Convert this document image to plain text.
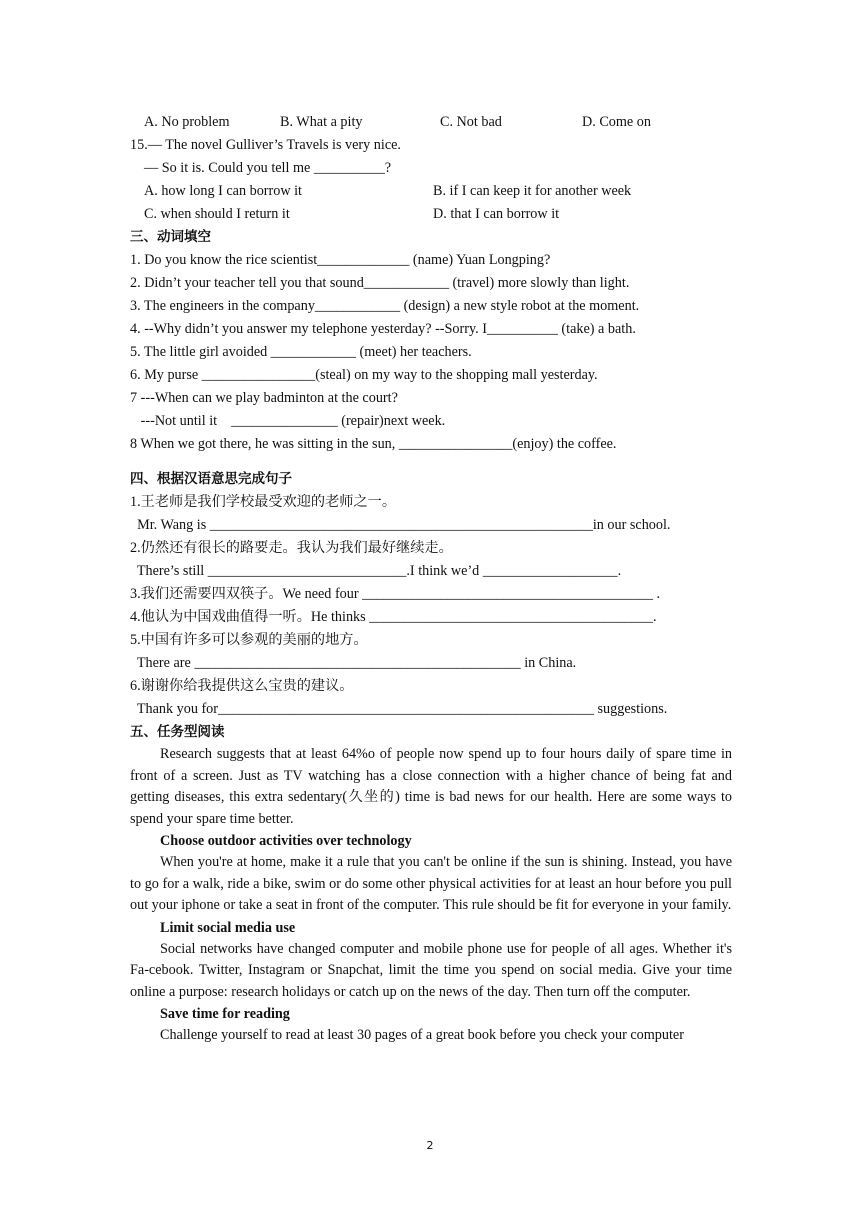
A. No problem	B. What a pity	C. Not bad	D. Come on
15.— The novel Gulliver’s Travels is very nice.
— So it is. Could you tell me __________?
A. how long I can borrow it	B. if I can keep it for another week
C. when should I return it	D. that I can borrow it
三、动词填空
1. Do you know the rice scientist_____________ (name) Yuan Longping?
2. Didn’t your teacher tell you that sound____________ (travel) more slowly than light.
3. The engineers in the company____________ (design) a new style robot at the moment.
4. --Why didn’t you answer my telephone yesterday? --Sorry. I__________ (take) a bath.
5. The little girl avoided ____________ (meet) her teachers.
6. My purse ________________(steal) on my way to the shopping mall yesterday.
7 ---When can we play badminton at the court?
---Not until it    _______________ (repair)next week.
8 When we got there, he was sitting in the sun, ________________(enjoy) the coffee.
四、根据汉语意思完成句子
1.王老师是我们学校最受欢迎的老师之一。
Mr. Wang is ______________________________________________________in our school.
2.仍然还有很长的路要走。我认为我们最好继续走。
There’s still ____________________________.I think we’d ___________________.
3.我们还需要四双筷子。We need four _________________________________________ .
4.他认为中国戏曲值得一听。He thinks ________________________________________.
5.中国有许多可以参观的美丽的地方。
There are ______________________________________________ in China.
6.谢谢你给我提供这么宝贵的建议。
Thank you for_____________________________________________________ suggestions.
五、任务型阅读

Research suggests that at least 64%o of people now spend up to four hours daily of spare time in front of a screen. Just as TV watching has a close connection with a higher chance of being fat and getting diseases, this extra sedentary(久坐的) time is bad news for our health. Here are some ways to spend your spare time better.

Choose outdoor activities over technology

When you're at home, make it a rule that you can't be online if the sun is shining. Instead, you have to go for a walk, ride a bike, swim or do some other physical activities for at least an hour before you pull out your iphone or take a seat in front of the computer. This rule should be fit for everyone in your family.

Limit social media use

Social networks have changed computer and mobile phone use for people of all ages. Whether it's Fa-cebook. Twitter, Instagram or Snapchat, limit the time you spend on social media. Give your time online a purpose: research holidays or catch up on the news of the day. Then turn off the computer.

Save time for reading

Challenge yourself to read at least 30 pages of a great book before you check your computer

2
